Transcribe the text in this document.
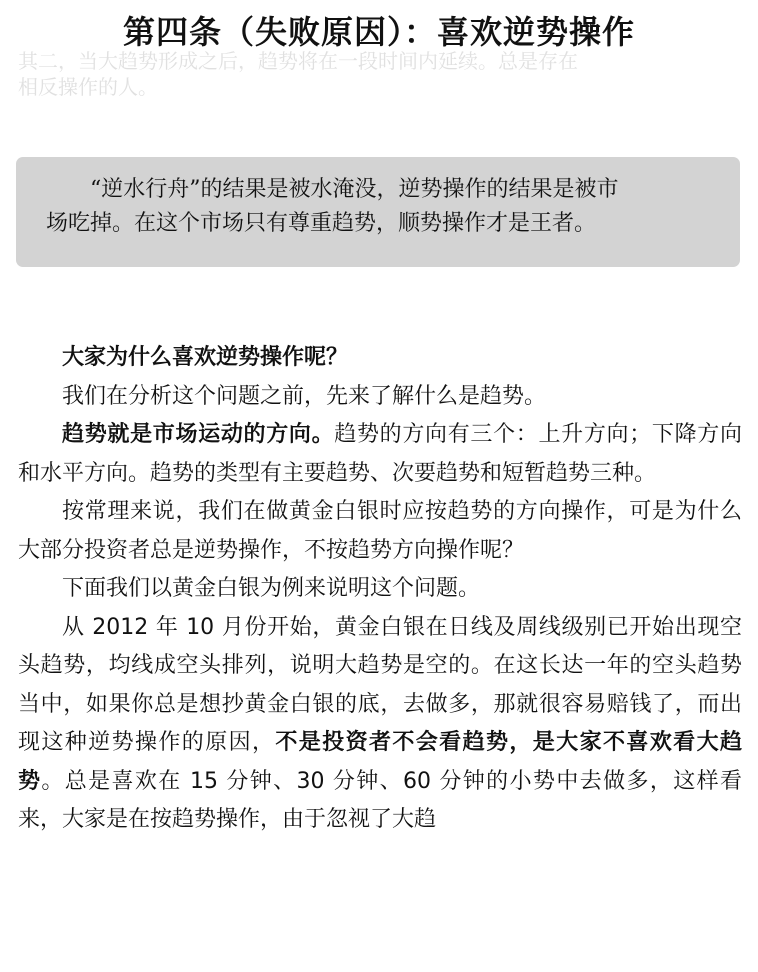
第四条（失败原因）：喜欢逆势操作
其二，当大趋势形成之后，趋势将在一段时间内延续。总是存在
相反操作的人。

“逆水行舟”的结果是被水淹没，逆势操作的结果是被市

场吃掉。在这个市场只有尊重趋势，顺势操作才是王者。

大家为什么喜欢逆势操作呢？

我们在分析这个问题之前，先来了解什么是趋势。

趋势就是市场运动的方向。趋势的方向有三个：上升方向；下降方向和水平方向。趋势的类型有主要趋势、次要趋势和短暂趋势三种。

按常理来说，我们在做黄金白银时应按趋势的方向操作，可是为什么大部分投资者总是逆势操作，不按趋势方向操作呢？

下面我们以黄金白银为例来说明这个问题。

从 2012 年 10 月份开始，黄金白银在日线及周线级别已开始出现空头趋势，均线成空头排列，说明大趋势是空的。在这长达一年的空头趋势当中，如果你总是想抄黄金白银的底，去做多，那就很容易赔钱了，而出现这种逆势操作的原因，不是投资者不会看趋势，是大家不喜欢看大趋势。总是喜欢在 15 分钟、30 分钟、60 分钟的小势中去做多，这样看来，大家是在按趋势操作，由于忽视了大趋
